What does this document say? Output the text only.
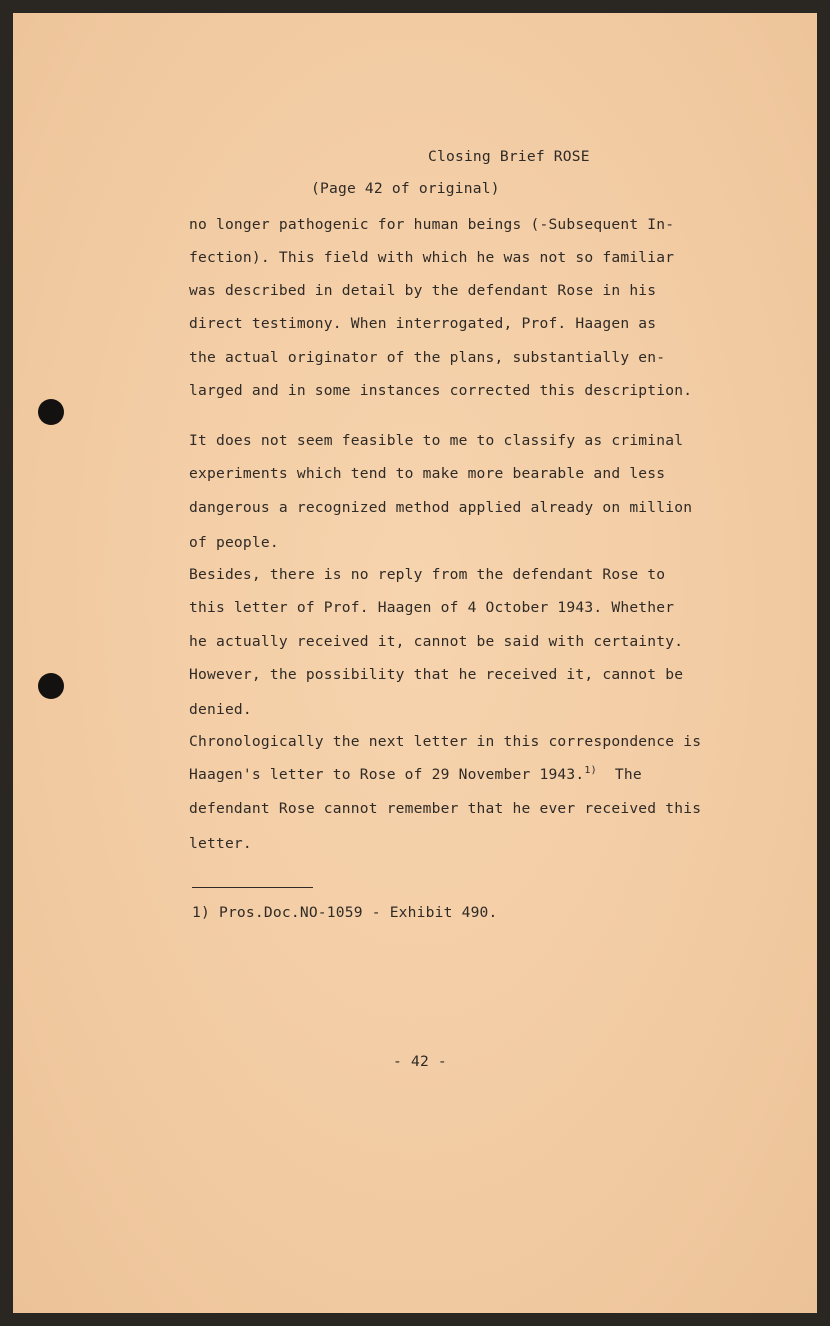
Closing Brief ROSE
(Page 42 of original)
no longer pathogenic for human beings (-Subsequent In-
fection). This field with which he was not so familiar
was described in detail by the defendant Rose in his
direct testimony. When interrogated, Prof. Haagen as
the actual originator of the plans, substantially en-
larged and in some instances corrected this description.
It does not seem feasible to me to classify as criminal
experiments which tend to make more bearable and less
dangerous a recognized method applied already on million
of people.
Besides, there is no reply from the defendant Rose to
this letter of Prof. Haagen of 4 October 1943. Whether
he actually received it, cannot be said with certainty.
However, the possibility that he received it, cannot be
denied.
Chronologically the next letter in this correspondence is
Haagen's letter to Rose of 29 November 1943.$^{1)}$ The
defendant Rose cannot remember that he ever received this
letter.
1) Pros.Doc.NO-1059 - Exhibit 490.
- 42 -
